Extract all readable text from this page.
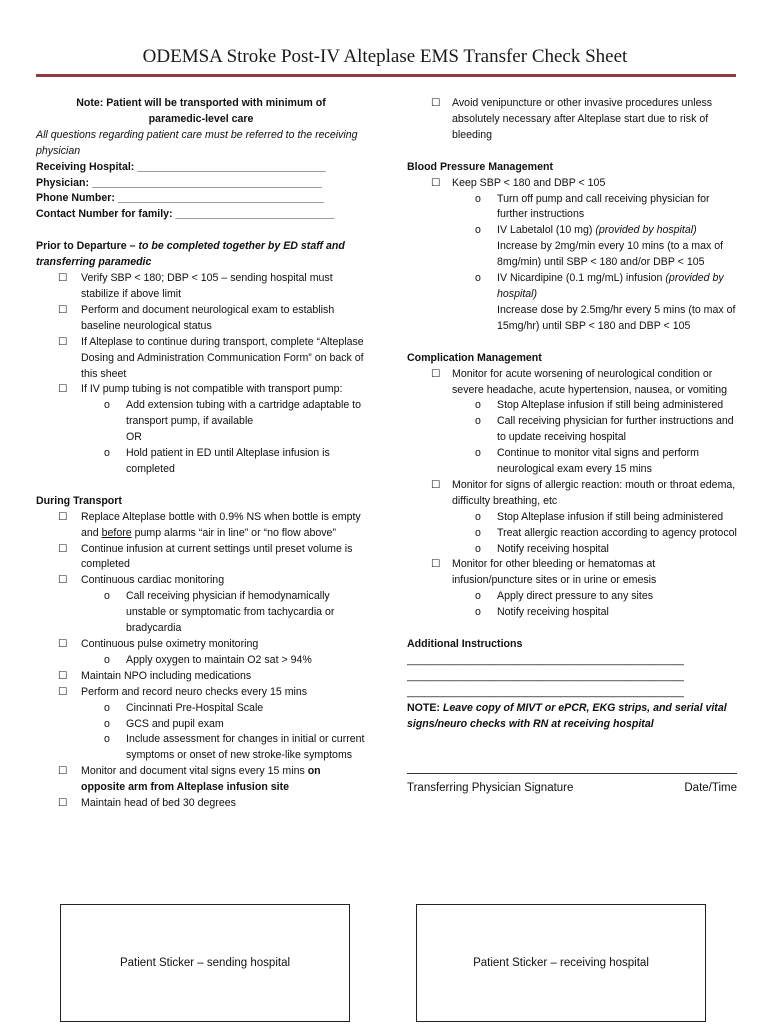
ODEMSA Stroke Post-IV Alteplase EMS Transfer Check Sheet
Note: Patient will be transported with minimum of
paramedic-level care
All questions regarding patient care must be referred to the receiving physician
Receiving Hospital: ________________________________
Physician: _______________________________________
Phone Number: ___________________________________
Contact Number for family: ___________________________
Prior to Departure – to be completed together by ED staff and transferring paramedic
☐ Verify SBP < 180; DBP < 105 – sending hospital must stabilize if above limit
☐ Perform and document neurological exam to establish baseline neurological status
☐ If Alteplase to continue during transport, complete “Alteplase Dosing and Administration Communication Form” on back of this sheet
☐ If IV pump tubing is not compatible with transport pump:
o Add extension tubing with a cartridge adaptable to transport pump, if available
OR
o Hold patient in ED until Alteplase infusion is completed
During Transport
☐ Replace Alteplase bottle with 0.9% NS when bottle is empty and before pump alarms “air in line” or “no flow above”
☐ Continue infusion at current settings until preset volume is completed
☐ Continuous cardiac monitoring
o Call receiving physician if hemodynamically unstable or symptomatic from tachycardia or bradycardia
☐ Continuous pulse oximetry monitoring
o Apply oxygen to maintain O2 sat > 94%
☐ Maintain NPO including medications
☐ Perform and record neuro checks every 15 mins
o Cincinnati Pre-Hospital Scale
o GCS and pupil exam
o Include assessment for changes in initial or current symptoms or onset of new stroke-like symptoms
☐ Monitor and document vital signs every 15 mins on opposite arm from Alteplase infusion site
☐ Maintain head of bed 30 degrees
☐ Avoid venipuncture or other invasive procedures unless absolutely necessary after Alteplase start due to risk of bleeding
Blood Pressure Management
☐ Keep SBP < 180 and DBP < 105
o Turn off pump and call receiving physician for further instructions
o IV Labetalol (10 mg) (provided by hospital)
Increase by 2mg/min every 10 mins (to a max of 8mg/min) until SBP < 180 and/or DBP < 105
o IV Nicardipine (0.1 mg/mL) infusion (provided by hospital)
Increase dose by 2.5mg/hr every 5 mins (to max of 15mg/hr) until SBP < 180 and DBP < 105
Complication Management
☐ Monitor for acute worsening of neurological condition or severe headache, acute hypertension, nausea, or vomiting
o Stop Alteplase infusion if still being administered
o Call receiving physician for further instructions and to update receiving hospital
o Continue to monitor vital signs and perform neurological exam every 15 mins
☐ Monitor for signs of allergic reaction: mouth or throat edema, difficulty breathing, etc
o Stop Alteplase infusion if still being administered
o Treat allergic reaction according to agency protocol
o Notify receiving hospital
☐ Monitor for other bleeding or hematomas at infusion/puncture sites or in urine or emesis
o Apply direct pressure to any sites
o Notify receiving hospital
Additional Instructions
_______________________________________________
_______________________________________________
_______________________________________________
NOTE: Leave copy of MIVT or ePCR, EKG strips, and serial vital signs/neuro checks with RN at receiving hospital
Transferring Physician Signature	Date/Time
Patient Sticker – sending hospital	Patient Sticker – receiving hospital
